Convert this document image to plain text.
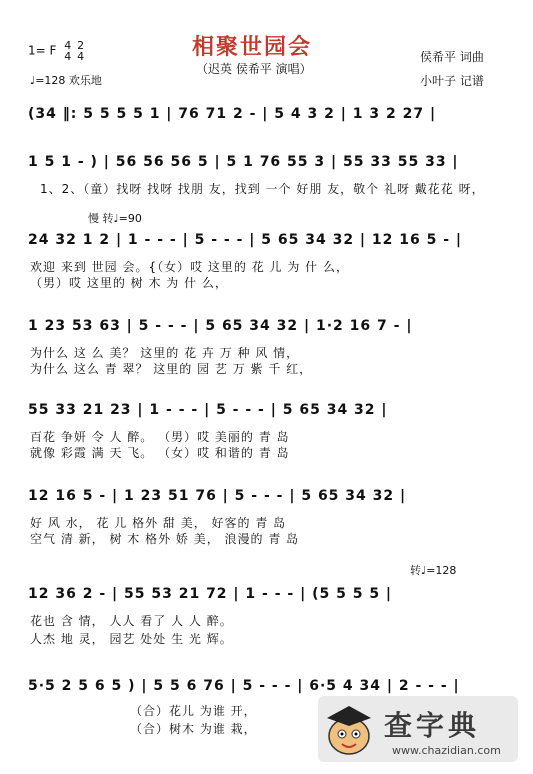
相聚世园会
（迟英 侯希平 演唱）
1= F 4
4 2
4
♩=128 欢乐地
侯希平 词曲
小叶子 记谱
(34 ‖: 5 5 5 5 1 | 76 71 2 - | 5 4 3 2 | 1 3 2 27 |
1 5 1 - ) | 56 56 56 5 | 5 1 76 55 3 | 55 33 55 33 |
1、2、（童）找呀 找呀 找朋 友，找到 一个 好朋 友，敬个 礼呀 戴花花 呀，
慢 转♩=90
24 32 1 2 | 1 - - - | 5 - - - | 5 65 34 32 | 12 16 5 - |
欢迎 来到 世园 会。{（女）哎 这里的 花 儿 为 什 么，
（男）哎 这里的 树 木 为 什 么，
1 23 53 63 | 5 - - - | 5 65 34 32 | 1·2 16 7 - |
为什么 这 么 美？ 这里的 花 卉 万 种 风 情，
为什么 这么 青 翠？ 这里的 园 艺 万 紫 千 红，
55 33 21 23 | 1 - - - | 5 - - - | 5 65 34 32 |
百花 争妍 令 人 醉。 （男）哎 美丽的 青 岛
就像 彩霞 满 天 飞。 （女）哎 和谐的 青 岛
12 16 5 - | 1 23 51 76 | 5 - - - | 5 65 34 32 |
好 风 水， 花 儿 格外 甜 美， 好客的 青 岛
空气 清 新， 树 木 格外 娇 美， 浪漫的 青 岛
转♩=128
12 36 2 - | 55 53 21 72 | 1 - - - | (5 5 5 5 |
花也 含 情， 人人 看了 人 人 醉。
人杰 地 灵， 园艺 处处 生 光 辉。
5·5 2 5 6 5 ) | 5 5 6 76 | 5 - - - | 6·5 4 34 | 2 - - - |
（合）花儿 为谁 开，
（合）树木 为谁 栽，	查字典
www.chazidian.com
